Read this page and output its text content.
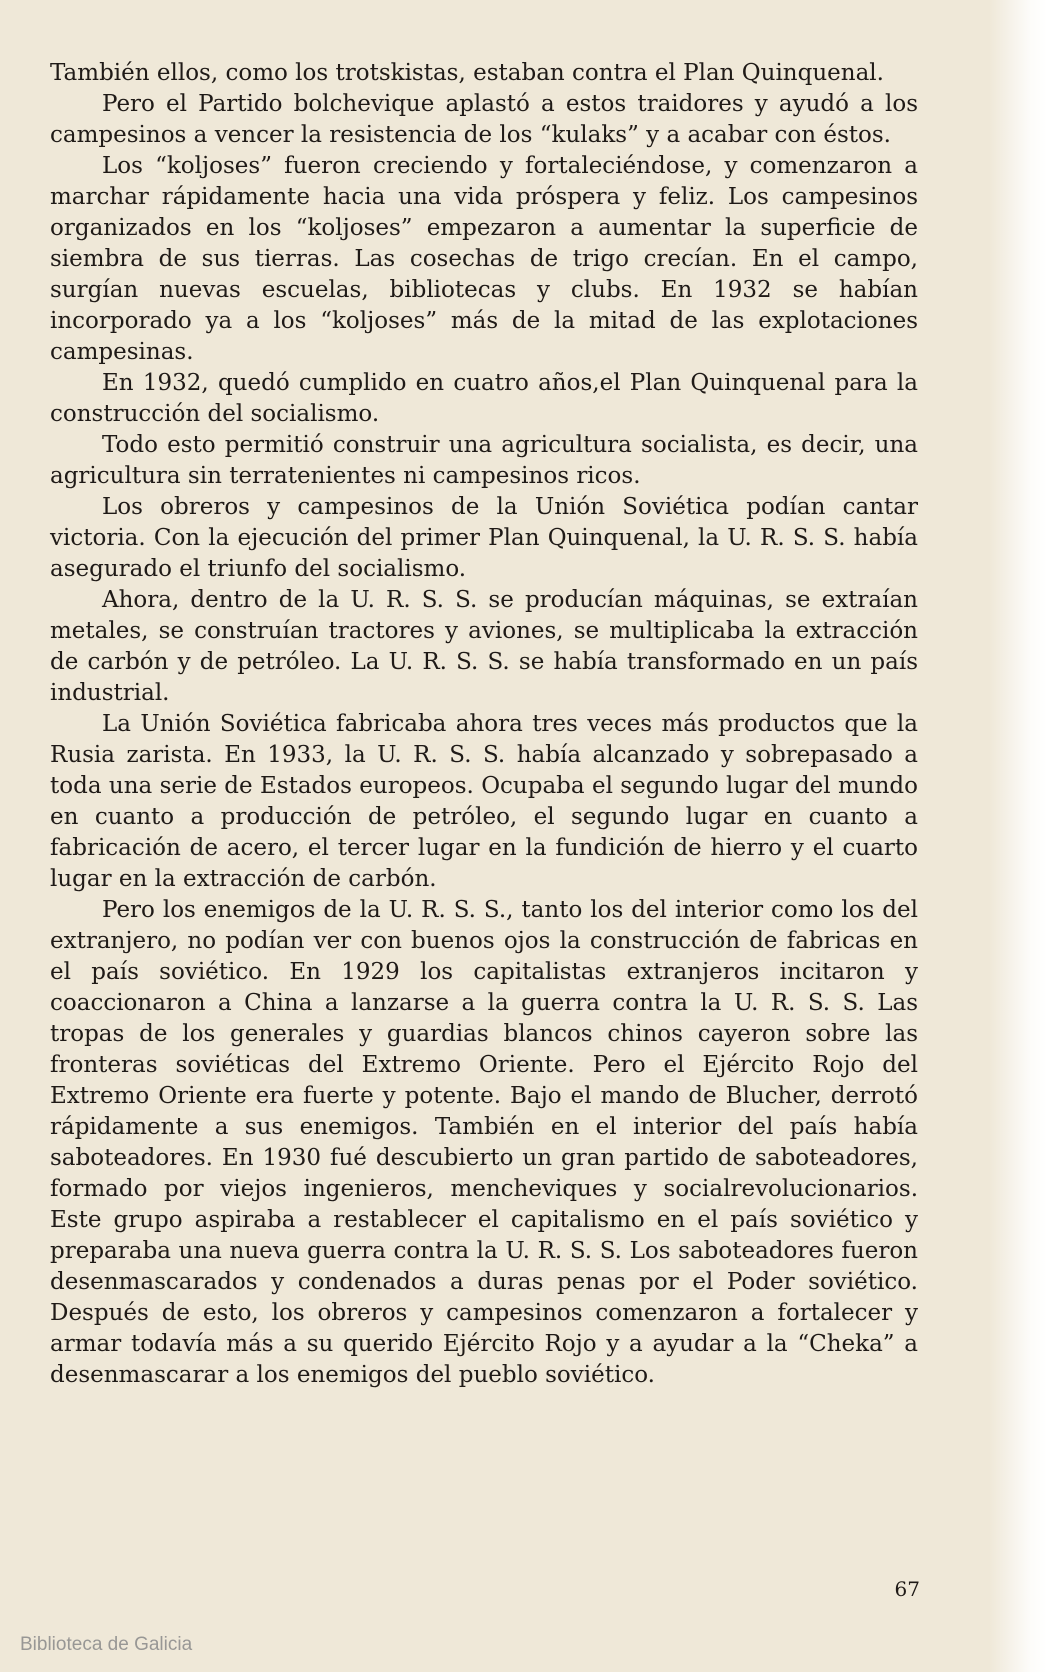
También ellos, como los trotskistas, estaban contra el Plan Quinquenal.

Pero el Partido bolchevique aplastó a estos traidores y ayudó a los campesinos a vencer la resistencia de los “kulaks” y a acabar con éstos.

Los “koljoses” fueron creciendo y fortaleciéndose, y comenzaron a marchar rápidamente hacia una vida próspera y feliz. Los campesinos organizados en los “koljoses” empezaron a aumentar la superficie de siembra de sus tierras. Las cosechas de trigo crecían. En el campo, surgían nuevas escuelas, bibliotecas y clubs. En 1932 se habían incorporado ya a los “koljoses” más de la mitad de las explotaciones campesinas.

En 1932, quedó cumplido en cuatro años,el Plan Quinquenal para la construcción del socialismo.

Todo esto permitió construir una agricultura socialista, es decir, una agricultura sin terratenientes ni campesinos ricos.

Los obreros y campesinos de la Unión Soviética podían cantar victoria. Con la ejecución del primer Plan Quinquenal, la U. R. S. S. había asegurado el triunfo del socialismo.

Ahora, dentro de la U. R. S. S. se producían máquinas, se extraían metales, se construían tractores y aviones, se multiplicaba la extracción de carbón y de petróleo. La U. R. S. S. se había transformado en un país industrial.

La Unión Soviética fabricaba ahora tres veces más productos que la Rusia zarista. En 1933, la U. R. S. S. había alcanzado y sobrepasado a toda una serie de Estados europeos. Ocupaba el segundo lugar del mundo en cuanto a producción de petróleo, el segundo lugar en cuanto a fabricación de acero, el tercer lugar en la fundición de hierro y el cuarto lugar en la extracción de carbón.

Pero los enemigos de la U. R. S. S., tanto los del interior como los del extranjero, no podían ver con buenos ojos la construcción de fabricas en el país soviético. En 1929 los capitalistas extranjeros incitaron y coaccionaron a China a lanzarse a la guerra contra la U. R. S. S. Las tropas de los generales y guardias blancos chinos cayeron sobre las fronteras soviéticas del Extremo Oriente. Pero el Ejército Rojo del Extremo Oriente era fuerte y potente. Bajo el mando de Blucher, derrotó rápidamente a sus enemigos. También en el interior del país había saboteadores. En 1930 fué descubierto un gran partido de saboteadores, formado por viejos ingenieros, mencheviques y socialrevolucionarios. Este grupo aspiraba a restablecer el capitalismo en el país soviético y preparaba una nueva guerra contra la U. R. S. S. Los saboteadores fueron desenmascarados y condenados a duras penas por el Poder soviético. Después de esto, los obreros y campesinos comenzaron a fortalecer y armar todavía más a su querido Ejército Rojo y a ayudar a la “Cheka” a desenmascarar a los enemigos del pueblo soviético.

67
Biblioteca de Galicia
